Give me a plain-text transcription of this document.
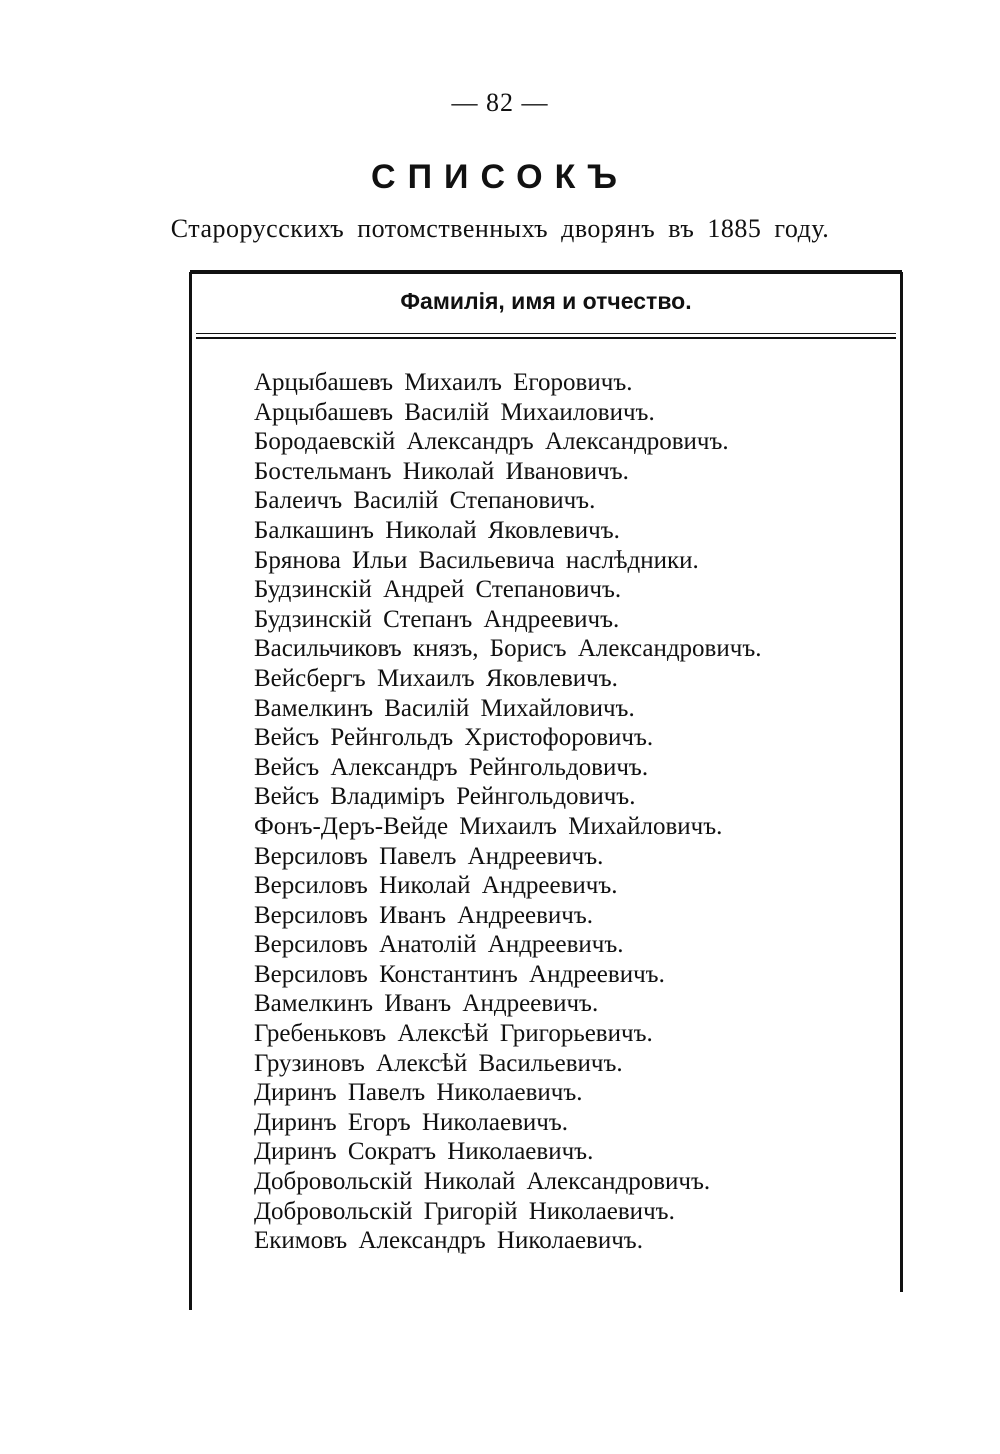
— 82 —
СПИСОКЪ
Старорусскихъ потомственныхъ дворянъ въ 1885 году.
Фамилія, имя и отчество.
Арцыбашевъ Михаилъ Егоровичъ.
Арцыбашевъ Василій Михаиловичъ.
Бородаевскій Александръ Александровичъ.
Бостельманъ Николай Ивановичъ.
Балеичъ Василій Степановичъ.
Балкашинъ Николай Яковлевичъ.
Брянова Ильи Васильевича наслѣдники.
Будзинскій Андрей Степановичъ.
Будзинскій Степанъ Андреевичъ.
Васильчиковъ князъ, Борисъ Александровичъ.
Вейсбергъ Михаилъ Яковлевичъ.
Вамелкинъ Василій Михайловичъ.
Вейсъ Рейнгольдъ Христофоровичъ.
Вейсъ Александръ Рейнгольдовичъ.
Вейсъ Владиміръ Рейнгольдовичъ.
Фонъ-Деръ-Вейде Михаилъ Михайловичъ.
Версиловъ Павелъ Андреевичъ.
Версиловъ Николай Андреевичъ.
Версиловъ Иванъ Андреевичъ.
Версиловъ Анатолій Андреевичъ.
Версиловъ Константинъ Андреевичъ.
Вамелкинъ Иванъ Андреевичъ.
Гребеньковъ Алексѣй Григорьевичъ.
Грузиновъ Алексѣй Васильевичъ.
Диринъ Павелъ Николаевичъ.
Диринъ Егоръ Николаевичъ.
Диринъ Сократъ Николаевичъ.
Добровольскій Николай Александровичъ.
Добровольскій Григорій Николаевичъ.
Екимовъ Александръ Николаевичъ.
